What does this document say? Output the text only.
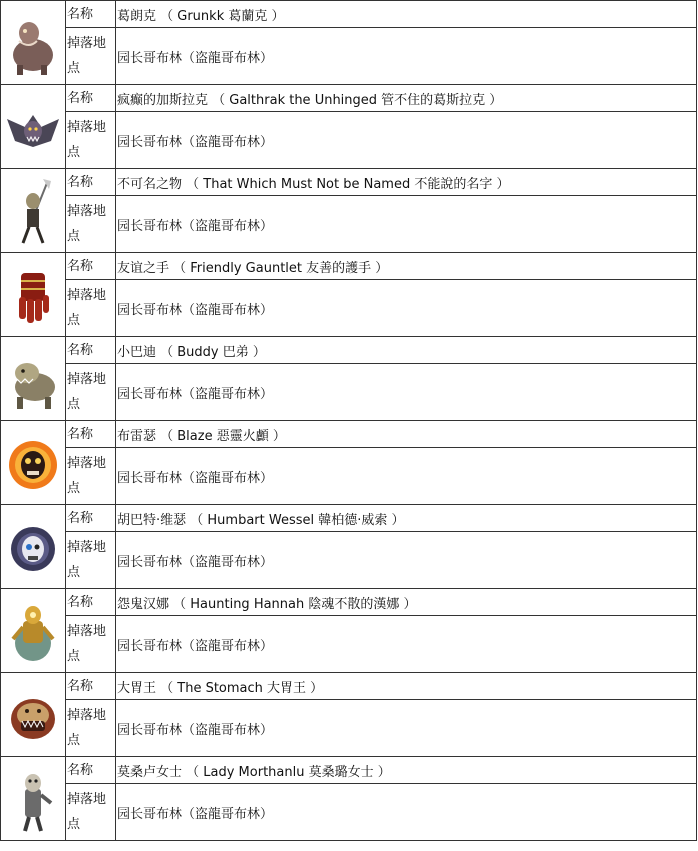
	名称	葛朗克 （ Grunkk 葛蘭克 ）
	掉落地点	园长哥布林（盗龍哥布林）

	名称	疯癫的加斯拉克 （ Galthrak the Unhinged 管不住的葛斯拉克 ）
	掉落地点	园长哥布林（盗龍哥布林）

	名称	不可名之物 （ That Which Must Not be Named 不能說的名字 ）
	掉落地点	园长哥布林（盗龍哥布林）

	名称	友谊之手 （ Friendly Gauntlet 友善的護手 ）
	掉落地点	园长哥布林（盗龍哥布林）

	名称	小巴迪 （ Buddy 巴弟 ）
	掉落地点	园长哥布林（盗龍哥布林）

	名称	布雷瑟 （ Blaze 惡靈火顱 ）
	掉落地点	园长哥布林（盗龍哥布林）

	名称	胡巴特·维瑟 （ Humbart Wessel 韓柏德·威索 ）
	掉落地点	园长哥布林（盗龍哥布林）

	名称	怨鬼汉娜 （ Haunting Hannah 陰魂不散的漢娜 ）
	掉落地点	园长哥布林（盗龍哥布林）

	名称	大胃王 （ The Stomach 大胃王 ）
	掉落地点	园长哥布林（盗龍哥布林）

	名称	莫桑卢女士 （ Lady Morthanlu 莫桑璐女士 ）
	掉落地点	园长哥布林（盗龍哥布林）
